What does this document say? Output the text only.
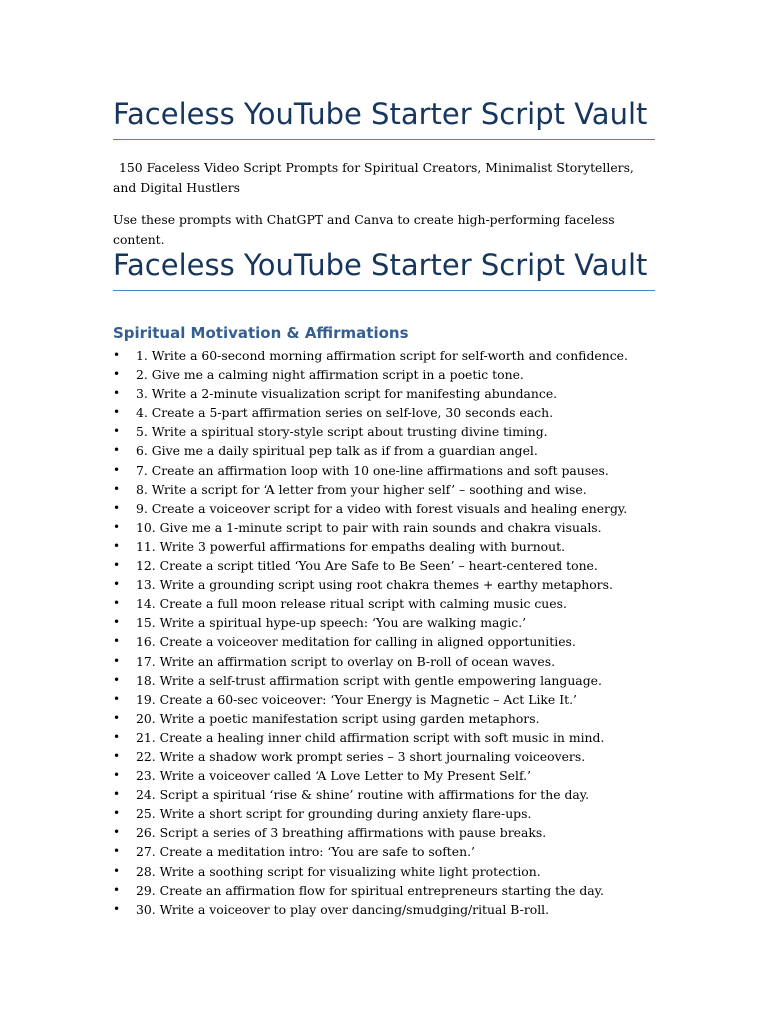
Faceless YouTube Starter Script Vault
150 Faceless Video Script Prompts for Spiritual Creators, Minimalist Storytellers, and Digital Hustlers
Use these prompts with ChatGPT and Canva to create high-performing faceless content.
Faceless YouTube Starter Script Vault
Spiritual Motivation & Affirmations
• 1. Write a 60-second morning affirmation script for self-worth and confidence.
• 2. Give me a calming night affirmation script in a poetic tone.
• 3. Write a 2-minute visualization script for manifesting abundance.
• 4. Create a 5-part affirmation series on self-love, 30 seconds each.
• 5. Write a spiritual story-style script about trusting divine timing.
• 6. Give me a daily spiritual pep talk as if from a guardian angel.
• 7. Create an affirmation loop with 10 one-line affirmations and soft pauses.
• 8. Write a script for ‘A letter from your higher self’ – soothing and wise.
• 9. Create a voiceover script for a video with forest visuals and healing energy.
• 10. Give me a 1-minute script to pair with rain sounds and chakra visuals.
• 11. Write 3 powerful affirmations for empaths dealing with burnout.
• 12. Create a script titled ‘You Are Safe to Be Seen’ – heart-centered tone.
• 13. Write a grounding script using root chakra themes + earthy metaphors.
• 14. Create a full moon release ritual script with calming music cues.
• 15. Write a spiritual hype-up speech: ‘You are walking magic.’
• 16. Create a voiceover meditation for calling in aligned opportunities.
• 17. Write an affirmation script to overlay on B-roll of ocean waves.
• 18. Write a self-trust affirmation script with gentle empowering language.
• 19. Create a 60-sec voiceover: ‘Your Energy is Magnetic – Act Like It.’
• 20. Write a poetic manifestation script using garden metaphors.
• 21. Create a healing inner child affirmation script with soft music in mind.
• 22. Write a shadow work prompt series – 3 short journaling voiceovers.
• 23. Write a voiceover called ‘A Love Letter to My Present Self.’
• 24. Script a spiritual ‘rise & shine’ routine with affirmations for the day.
• 25. Write a short script for grounding during anxiety flare-ups.
• 26. Script a series of 3 breathing affirmations with pause breaks.
• 27. Create a meditation intro: ‘You are safe to soften.’
• 28. Write a soothing script for visualizing white light protection.
• 29. Create an affirmation flow for spiritual entrepreneurs starting the day.
• 30. Write a voiceover to play over dancing/smudging/ritual B-roll.
